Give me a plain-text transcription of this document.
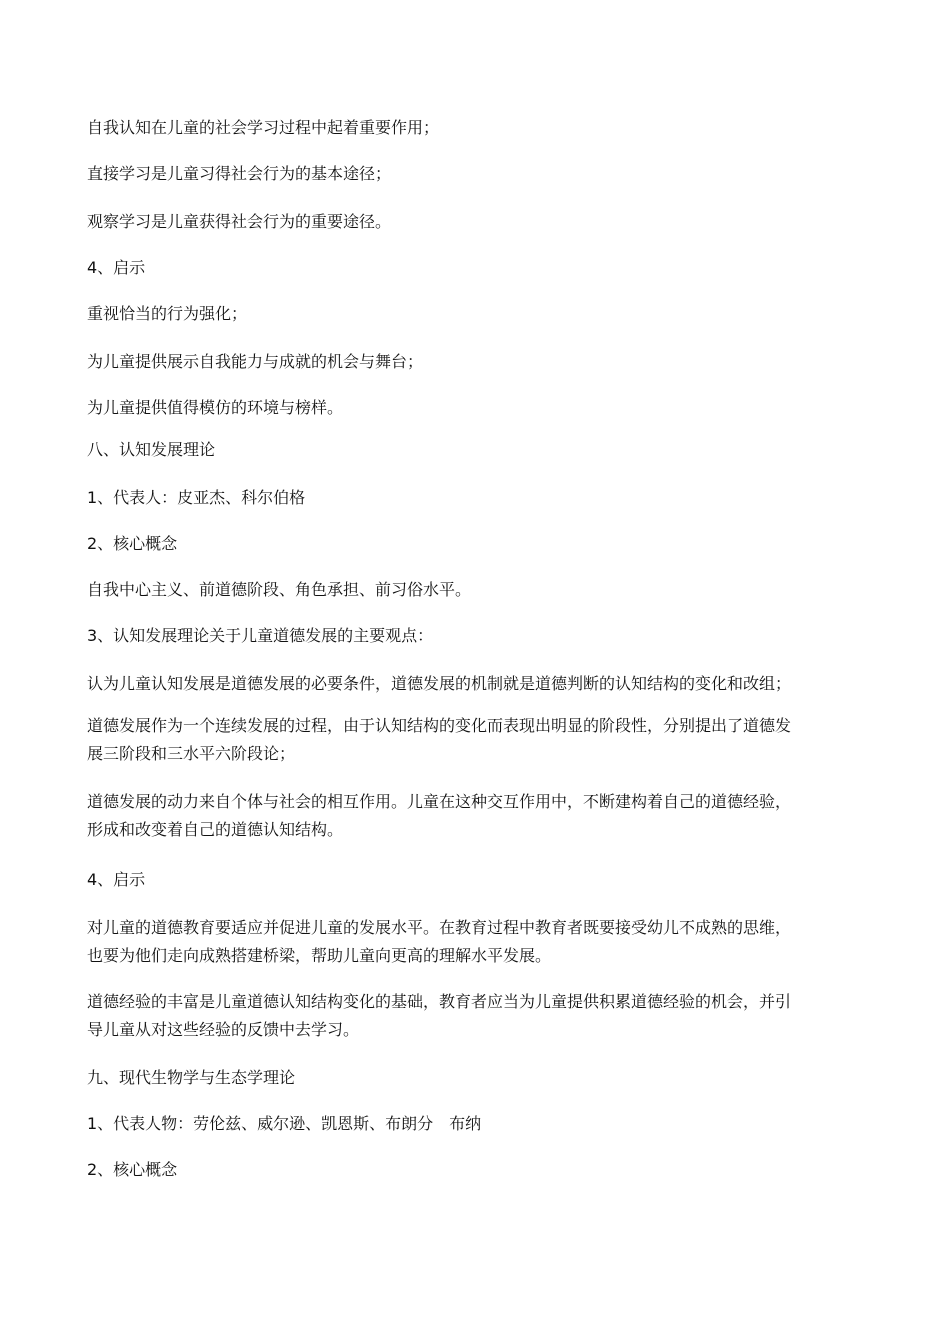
自我认知在儿童的社会学习过程中起着重要作用；
直接学习是儿童习得社会行为的基本途径；
观察学习是儿童获得社会行为的重要途径。
4、启示
重视恰当的行为强化；
为儿童提供展示自我能力与成就的机会与舞台；
为儿童提供值得模仿的环境与榜样。
八、认知发展理论
1、代表人：皮亚杰、科尔伯格
2、核心概念
自我中心主义、前道德阶段、角色承担、前习俗水平。
3、认知发展理论关于儿童道德发展的主要观点：
认为儿童认知发展是道德发展的必要条件，道德发展的机制就是道德判断的认知结构的变化和改组；
道德发展作为一个连续发展的过程，由于认知结构的变化而表现出明显的阶段性，分别提出了道德发
展三阶段和三水平六阶段论；
道德发展的动力来自个体与社会的相互作用。儿童在这种交互作用中，不断建构着自己的道德经验，
形成和改变着自己的道德认知结构。
4、启示
对儿童的道德教育要适应并促进儿童的发展水平。在教育过程中教育者既要接受幼儿不成熟的思维，
也要为他们走向成熟搭建桥梁，帮助儿童向更高的理解水平发展。
道德经验的丰富是儿童道德认知结构变化的基础，教育者应当为儿童提供积累道德经验的机会，并引
导儿童从对这些经验的反馈中去学习。
九、现代生物学与生态学理论
1、代表人物：劳伦兹、威尔逊、凯恩斯、布朗分　布纳
2、核心概念
